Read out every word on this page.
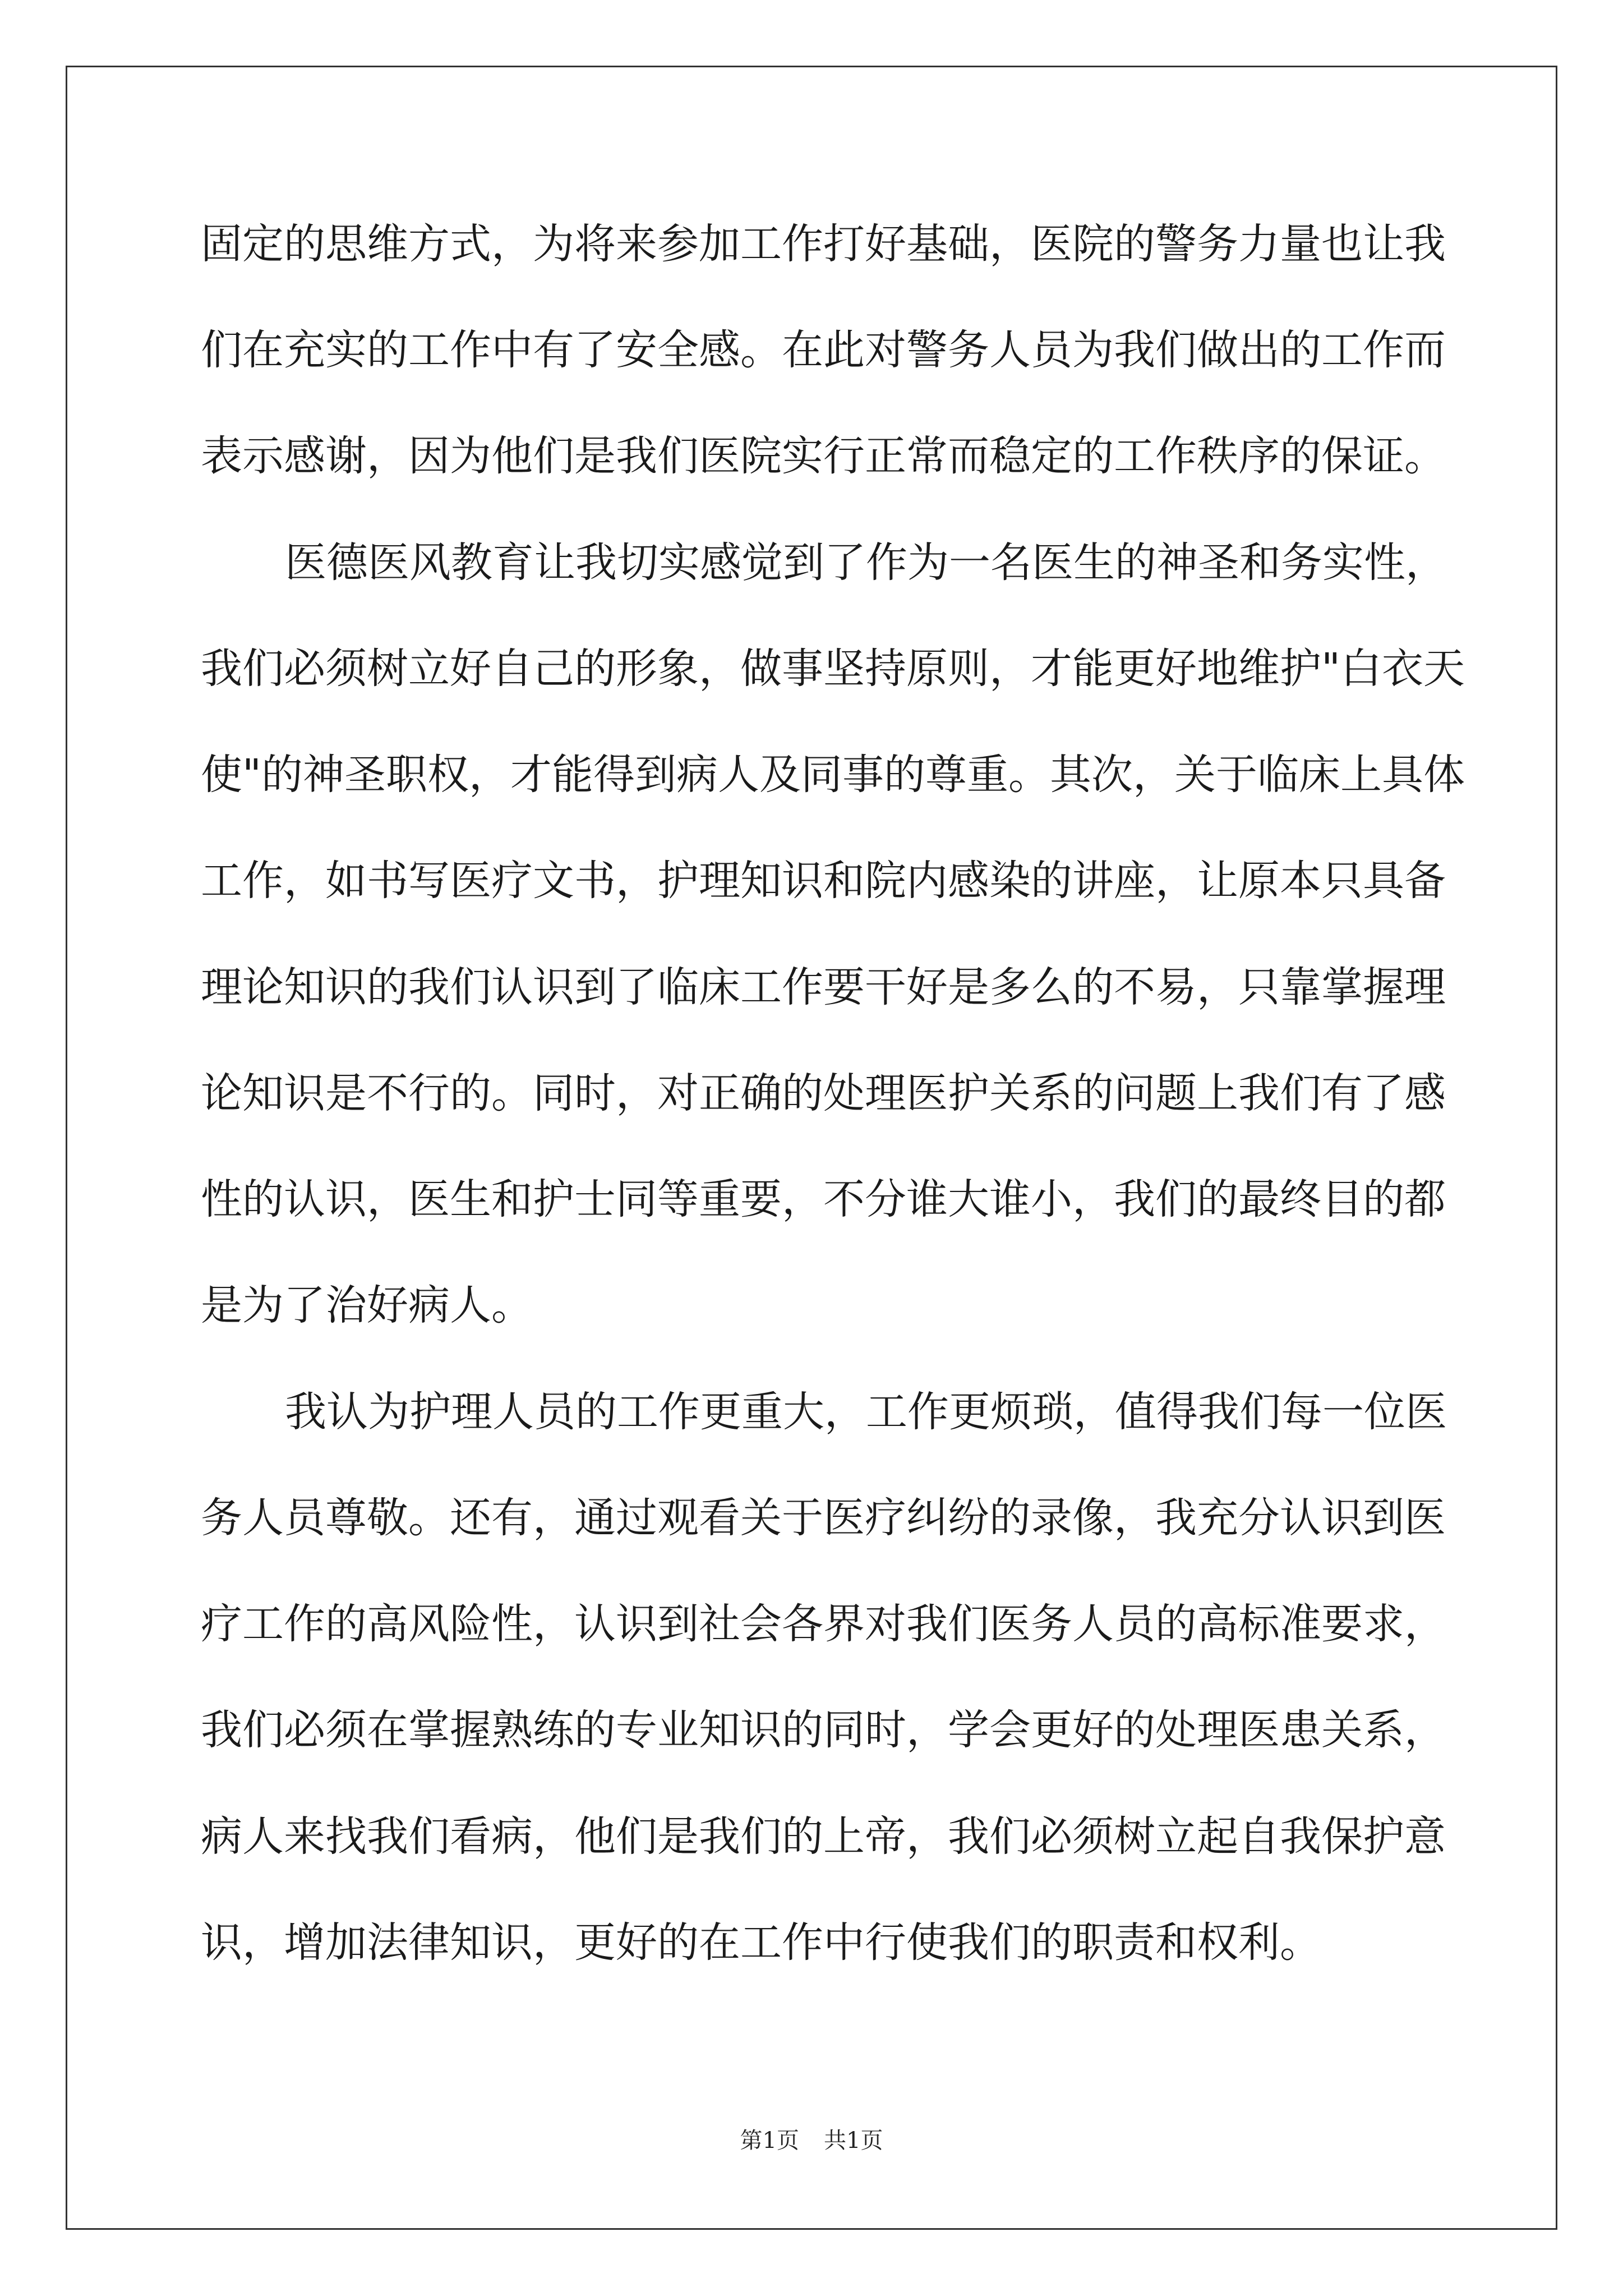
固定的思维方式，为将来参加工作打好基础，医院的警务力量也让我
们在充实的工作中有了安全感。在此对警务人员为我们做出的工作而
表示感谢，因为他们是我们医院实行正常而稳定的工作秩序的保证。
医德医风教育让我切实感觉到了作为一名医生的神圣和务实性，
我们必须树立好自己的形象，做事坚持原则，才能更好地维护"白衣天
使"的神圣职权，才能得到病人及同事的尊重。其次，关于临床上具体
工作，如书写医疗文书，护理知识和院内感染的讲座，让原本只具备
理论知识的我们认识到了临床工作要干好是多么的不易，只靠掌握理
论知识是不行的。同时，对正确的处理医护关系的问题上我们有了感
性的认识，医生和护士同等重要，不分谁大谁小，我们的最终目的都
是为了治好病人。
我认为护理人员的工作更重大，工作更烦琐，值得我们每一位医
务人员尊敬。还有，通过观看关于医疗纠纷的录像，我充分认识到医
疗工作的高风险性，认识到社会各界对我们医务人员的高标准要求，
我们必须在掌握熟练的专业知识的同时，学会更好的处理医患关系，
病人来找我们看病，他们是我们的上帝，我们必须树立起自我保护意
识，增加法律知识，更好的在工作中行使我们的职责和权利。
第1页 共1页
